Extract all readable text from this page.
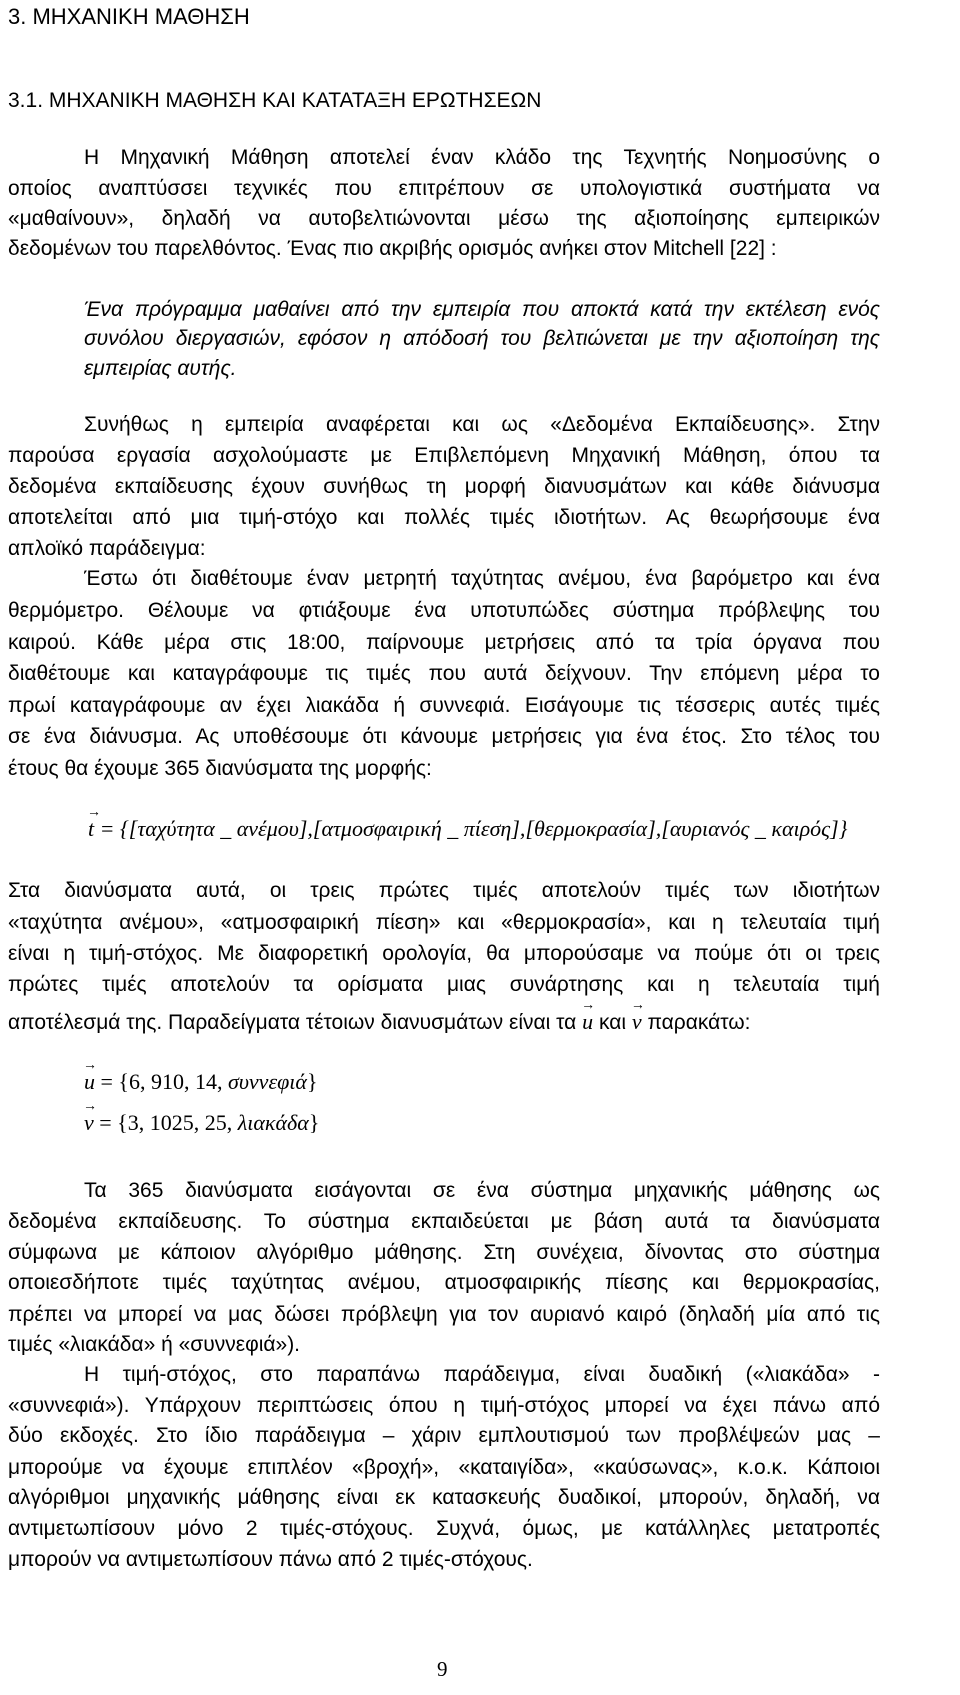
3. ΜΗΧΑΝΙΚΗ ΜΑΘΗΣΗ
3.1. ΜΗΧΑΝΙΚΗ ΜΑΘΗΣΗ ΚΑΙ ΚΑΤΑΤΑΞΗ ΕΡΩΤΗΣΕΩΝ
Η Μηχανική Μάθηση αποτελεί έναν κλάδο της Τεχνητής Νοημοσύνης ο
οποίος αναπτύσσει τεχνικές που επιτρέπουν σε υπολογιστικά συστήματα να
«μαθαίνουν», δηλαδή να αυτοβελτιώνονται μέσω της αξιοποίησης εμπειρικών
δεδομένων του παρελθόντος. Ένας πιο ακριβής ορισμός ανήκει στον Mitchell [22] :
Ένα πρόγραμμα μαθαίνει από την εμπειρία που αποκτά κατά την εκτέλεση ενός
συνόλου διεργασιών, εφόσον η απόδοσή του βελτιώνεται με την αξιοποίηση της
εμπειρίας αυτής.
Συνήθως η εμπειρία αναφέρεται και ως «Δεδομένα Εκπαίδευσης». Στην
παρούσα εργασία ασχολούμαστε με Επιβλεπόμενη Μηχανική Μάθηση, όπου τα
δεδομένα εκπαίδευσης έχουν συνήθως τη μορφή διανυσμάτων και κάθε διάνυσμα
αποτελείται από μια τιμή-στόχο και πολλές τιμές ιδιοτήτων. Ας θεωρήσουμε ένα
απλοϊκό παράδειγμα:
Έστω ότι διαθέτουμε έναν μετρητή ταχύτητας ανέμου, ένα βαρόμετρο και ένα
θερμόμετρο. Θέλουμε να φτιάξουμε ένα υποτυπώδες σύστημα πρόβλεψης του
καιρού. Κάθε μέρα στις 18:00, παίρνουμε μετρήσεις από τα τρία όργανα που
διαθέτουμε και καταγράφουμε τις τιμές που αυτά δείχνουν. Την επόμενη μέρα το
πρωί καταγράφουμε αν έχει λιακάδα ή συννεφιά. Εισάγουμε τις τέσσερις αυτές τιμές
σε ένα διάνυσμα. Ας υποθέσουμε ότι κάνουμε μετρήσεις για ένα έτος. Στο τέλος του
έτους θα έχουμε 365 διανύσματα της μορφής:
→ t = {[ταχύτητα _ ανέμου],[ατμοσφαιρική _ πίεση],[θερμοκρασία],[αυριανός _ καιρός]}
Στα διανύσματα αυτά, οι τρεις πρώτες τιμές αποτελούν τιμές των ιδιοτήτων
«ταχύτητα ανέμου», «ατμοσφαιρική πίεση» και «θερμοκρασία», και η τελευταία τιμή
είναι η τιμή-στόχος. Με διαφορετική ορολογία, θα μπορούσαμε να πούμε ότι οι τρεις
πρώτες τιμές αποτελούν τα ορίσματα μιας συνάρτησης και η τελευταία τιμή
αποτέλεσμά της. Παραδείγματα τέτοιων διανυσμάτων είναι τα → u και → v παρακάτω:
→ u = {6, 910, 14, συννεφιά}
→ v = {3, 1025, 25, λιακάδα}
Τα 365 διανύσματα εισάγονται σε ένα σύστημα μηχανικής μάθησης ως
δεδομένα εκπαίδευσης. Το σύστημα εκπαιδεύεται με βάση αυτά τα διανύσματα
σύμφωνα με κάποιον αλγόριθμο μάθησης. Στη συνέχεια, δίνοντας στο σύστημα
οποιεσδήποτε τιμές ταχύτητας ανέμου, ατμοσφαιρικής πίεσης και θερμοκρασίας,
πρέπει να μπορεί να μας δώσει πρόβλεψη για τον αυριανό καιρό (δηλαδή μία από τις
τιμές «λιακάδα» ή «συννεφιά»).
Η τιμή-στόχος, στο παραπάνω παράδειγμα, είναι δυαδική («λιακάδα» -
«συννεφιά»). Υπάρχουν περιπτώσεις όπου η τιμή-στόχος μπορεί να έχει πάνω από
δύο εκδοχές. Στο ίδιο παράδειγμα – χάριν εμπλουτισμού των προβλέψεών μας –
μπορούμε να έχουμε επιπλέον «βροχή», «καταιγίδα», «καύσωνας», κ.ο.κ. Κάποιοι
αλγόριθμοι μηχανικής μάθησης είναι εκ κατασκευής δυαδικοί, μπορούν, δηλαδή, να
αντιμετωπίσουν μόνο 2 τιμές-στόχους. Συχνά, όμως, με κατάλληλες μετατροπές
μπορούν να αντιμετωπίσουν πάνω από 2 τιμές-στόχους.
9
